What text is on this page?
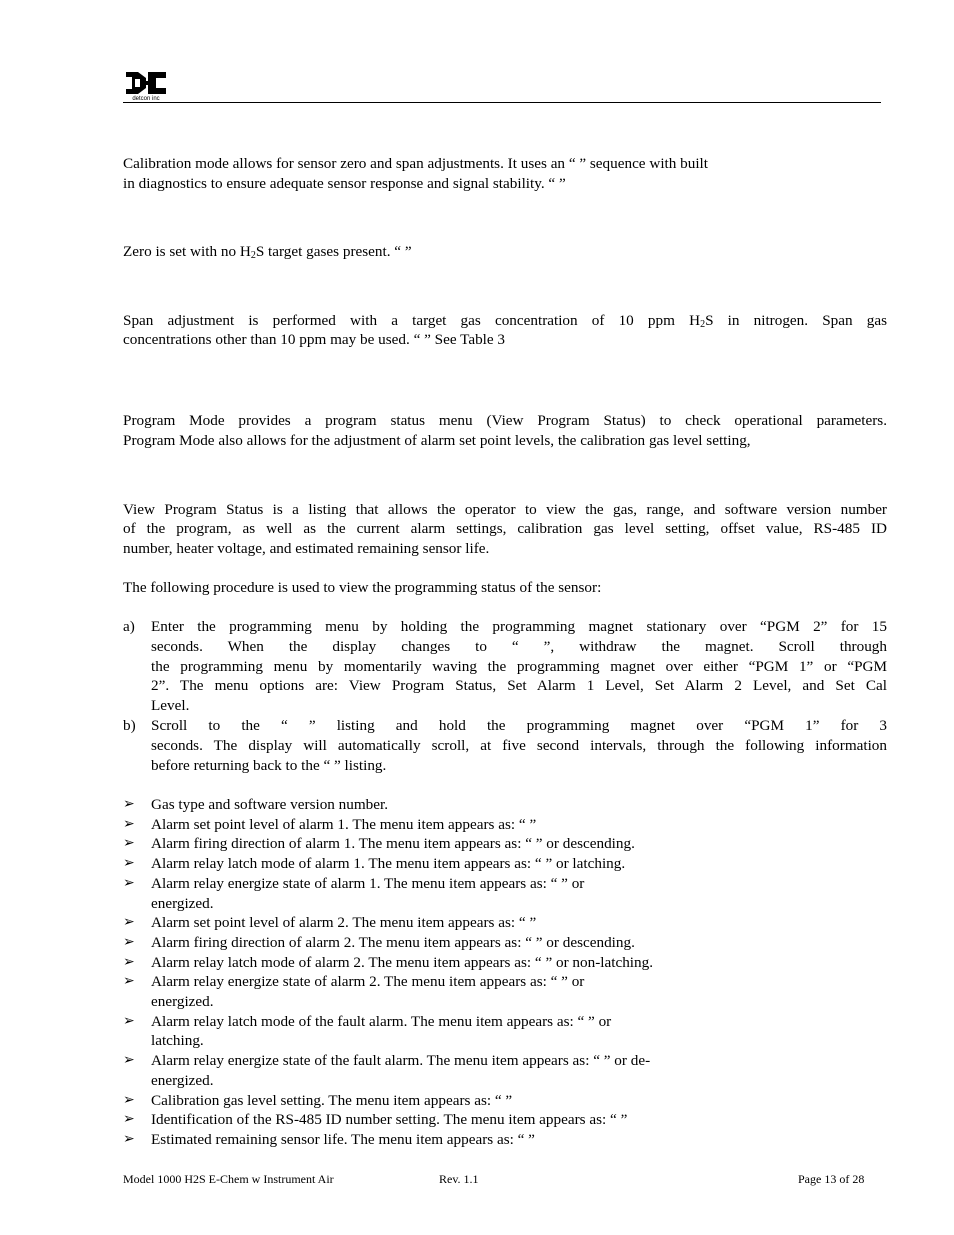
detcon inc
Calibration mode allows for sensor zero and span adjustments. It uses an “ ” sequence with built
in diagnostics to ensure adequate sensor response and signal stability. “ ”
Zero is set with no $H_2S$ target gases present. “ ”
Span adjustment is performed with a target gas concentration of 10 ppm $H_2S$ in nitrogen. Span gas
concentrations other than 10 ppm may be used. “ ” See Table 3
Program Mode provides a program status menu (View Program Status) to check operational parameters.
Program Mode also allows for the adjustment of alarm set point levels, the calibration gas level setting,
View Program Status is a listing that allows the operator to view the gas, range, and software version number
of the program, as well as the current alarm settings, calibration gas level setting, offset value, RS-485 ID
number, heater voltage, and estimated remaining sensor life.
The following procedure is used to view the programming status of the sensor:
a) Enter the programming menu by holding the programming magnet stationary over “PGM 2” for 15
seconds. When the display changes to “ ”, withdraw the magnet. Scroll through
the programming menu by momentarily waving the programming magnet over either “PGM 1” or “PGM
2”. The menu options are: View Program Status, Set Alarm 1 Level, Set Alarm 2 Level, and Set Cal
Level.
b) Scroll to the “ ” listing and hold the programming magnet over “PGM 1” for 3
seconds. The display will automatically scroll, at five second intervals, through the following information
before returning back to the “ ” listing.
➢ Gas type and software version number.
➢ Alarm set point level of alarm 1. The menu item appears as: “ ”
➢ Alarm firing direction of alarm 1. The menu item appears as: “ ” or descending.
➢ Alarm relay latch mode of alarm 1. The menu item appears as: “ ” or latching.
➢ Alarm relay energize state of alarm 1. The menu item appears as: “ ” or
energized.
➢ Alarm set point level of alarm 2. The menu item appears as: “ ”
➢ Alarm firing direction of alarm 2. The menu item appears as: “ ” or descending.
➢ Alarm relay latch mode of alarm 2. The menu item appears as: “ ” or non-latching.
➢ Alarm relay energize state of alarm 2. The menu item appears as: “ ” or
energized.
➢ Alarm relay latch mode of the fault alarm. The menu item appears as: “ ” or
latching.
➢ Alarm relay energize state of the fault alarm. The menu item appears as: “ ” or de-
energized.
➢ Calibration gas level setting. The menu item appears as: “ ”
➢ Identification of the RS-485 ID number setting. The menu item appears as: “ ”
➢ Estimated remaining sensor life. The menu item appears as: “ ”
Model 1000 H2S E-Chem w Instrument Air	Rev. 1.1	Page 13 of 28
